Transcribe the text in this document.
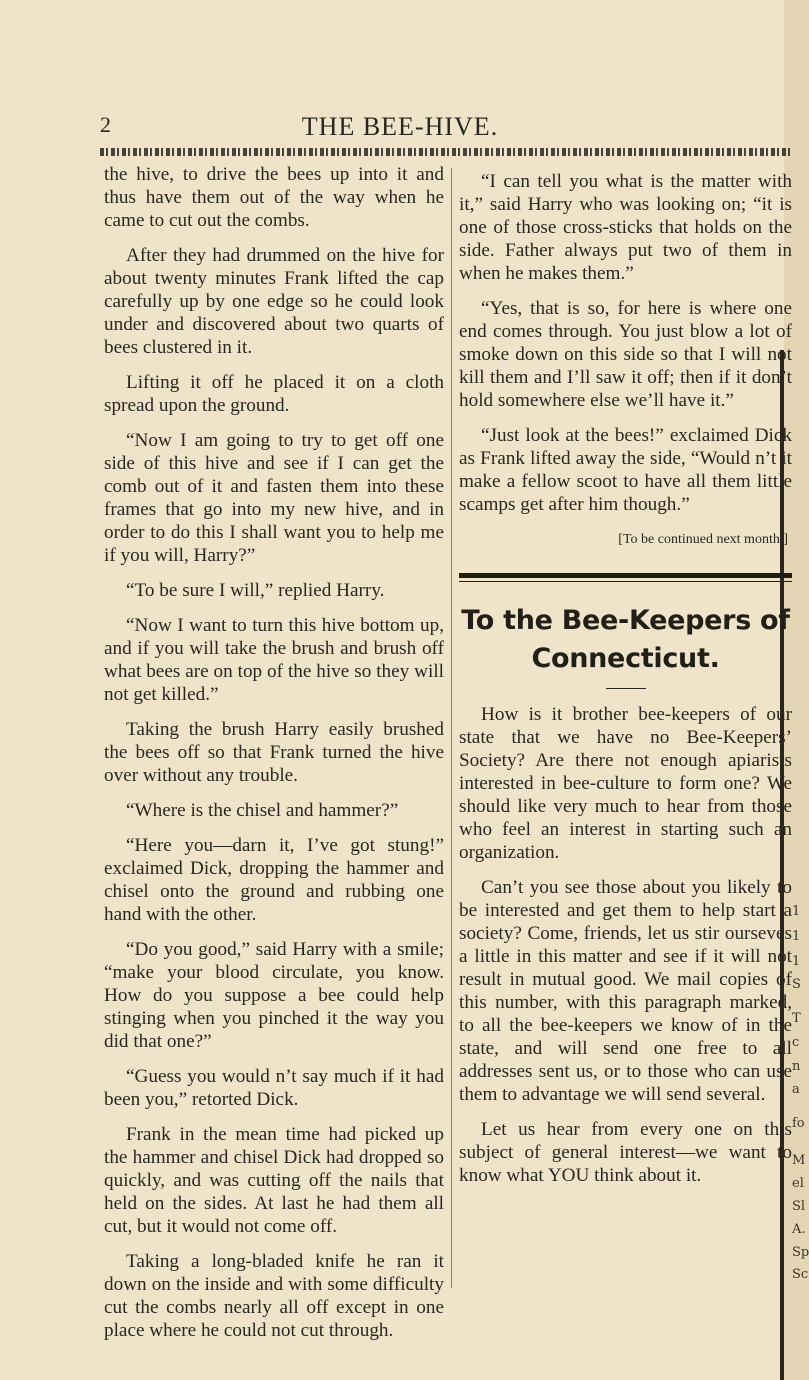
1
1
1
S
T
c
n
a
fo
M
el
Sl
A.
Sp
Sc
2	THE BEE-HIVE.

the hive, to drive the bees up into it and thus have them out of the way when he came to cut out the combs.

After they had drummed on the hive for about twenty minutes Frank lifted the cap carefully up by one edge so he could look under and discovered about two quarts of bees clustered in it.

Lifting it off he placed it on a cloth spread upon the ground.

“Now I am going to try to get off one side of this hive and see if I can get the comb out of it and fasten them into these frames that go into my new hive, and in order to do this I shall want you to help me if you will, Harry?”

“To be sure I will,” replied Harry.

“Now I want to turn this hive bottom up, and if you will take the brush and brush off what bees are on top of the hive so they will not get killed.”

Taking the brush Harry easily brushed the bees off so that Frank turned the hive over without any trouble.

“Where is the chisel and hammer?”

“Here you—darn it, I’ve got stung!” exclaimed Dick, dropping the hammer and chisel onto the ground and rubbing one hand with the other.

“Do you good,” said Harry with a smile; “make your blood circulate, you know. How do you suppose a bee could help stinging when you pinched it the way you did that one?”

“Guess you would n’t say much if it had been you,” retorted Dick.

Frank in the mean time had picked up the hammer and chisel Dick had dropped so quickly, and was cutting off the nails that held on the sides. At last he had them all cut, but it would not come off.

Taking a long-bladed knife he ran it down on the inside and with some difficulty cut the combs nearly all off except in one place where he could not cut through.

“I can tell you what is the matter with it,” said Harry who was looking on; “it is one of those cross-sticks that holds on the side. Father always put two of them in when he makes them.”

“Yes, that is so, for here is where one end comes through. You just blow a lot of smoke down on this side so that I will not kill them and I’ll saw it off; then if it don’t hold somewhere else we’ll have it.”

“Just look at the bees!” exclaimed Dick as Frank lifted away the side, “Would n’t it make a fellow scoot to have all them little scamps get after him though.”

[To be continued next month.]

To the Bee-Keepers of
Connecticut.

How is it brother bee-keepers of our state that we have no Bee-Keepers’ Society? Are there not enough apiarists interested in bee-culture to form one? We should like very much to hear from those who feel an interest in starting such an organization.

Can’t you see those about you likely to be interested and get them to help start a society? Come, friends, let us stir ourseves a little in this matter and see if it will not result in mutual good. We mail copies of this number, with this paragraph marked, to all the bee-keepers we know of in the state, and will send one free to all addresses sent us, or to those who can use them to advantage we will send several.

Let us hear from every one on this subject of general interest—we want to know what YOU think about it.
